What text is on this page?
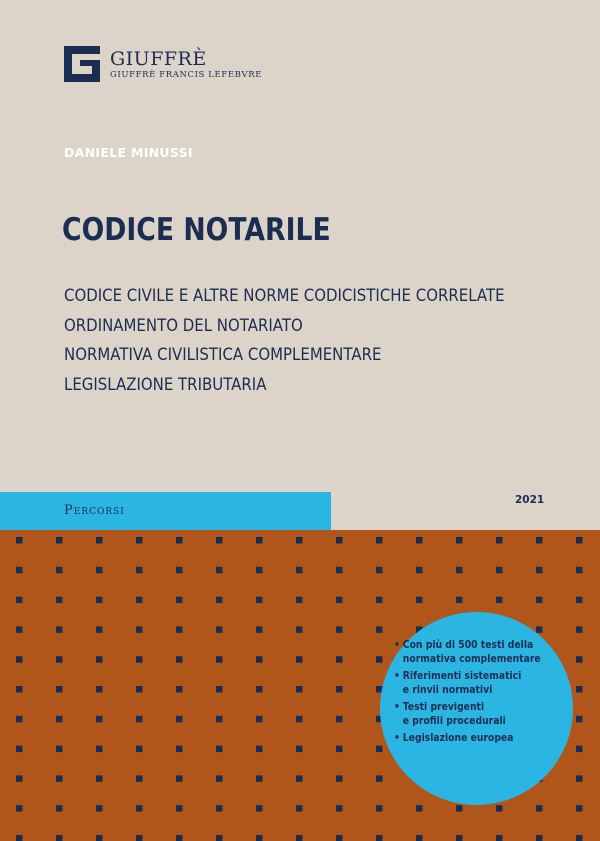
GIUFFRÈ
GIUFFRÈ FRANCIS LEFEBVRE
DANIELE MINUSSI
CODICE NOTARILE
CODICE CIVILE E ALTRE NORME CODICISTICHE CORRELATE
ORDINAMENTO DEL NOTARIATO
NORMATIVA CIVILISTICA COMPLEMENTARE
LEGISLAZIONE TRIBUTARIA
Percorsi
2021
• Con più di 500 testi della
normativa complementare
• Riferimenti sistematici
e rinvii normativi
• Testi previgenti
e profili procedurali
• Legislazione europea
